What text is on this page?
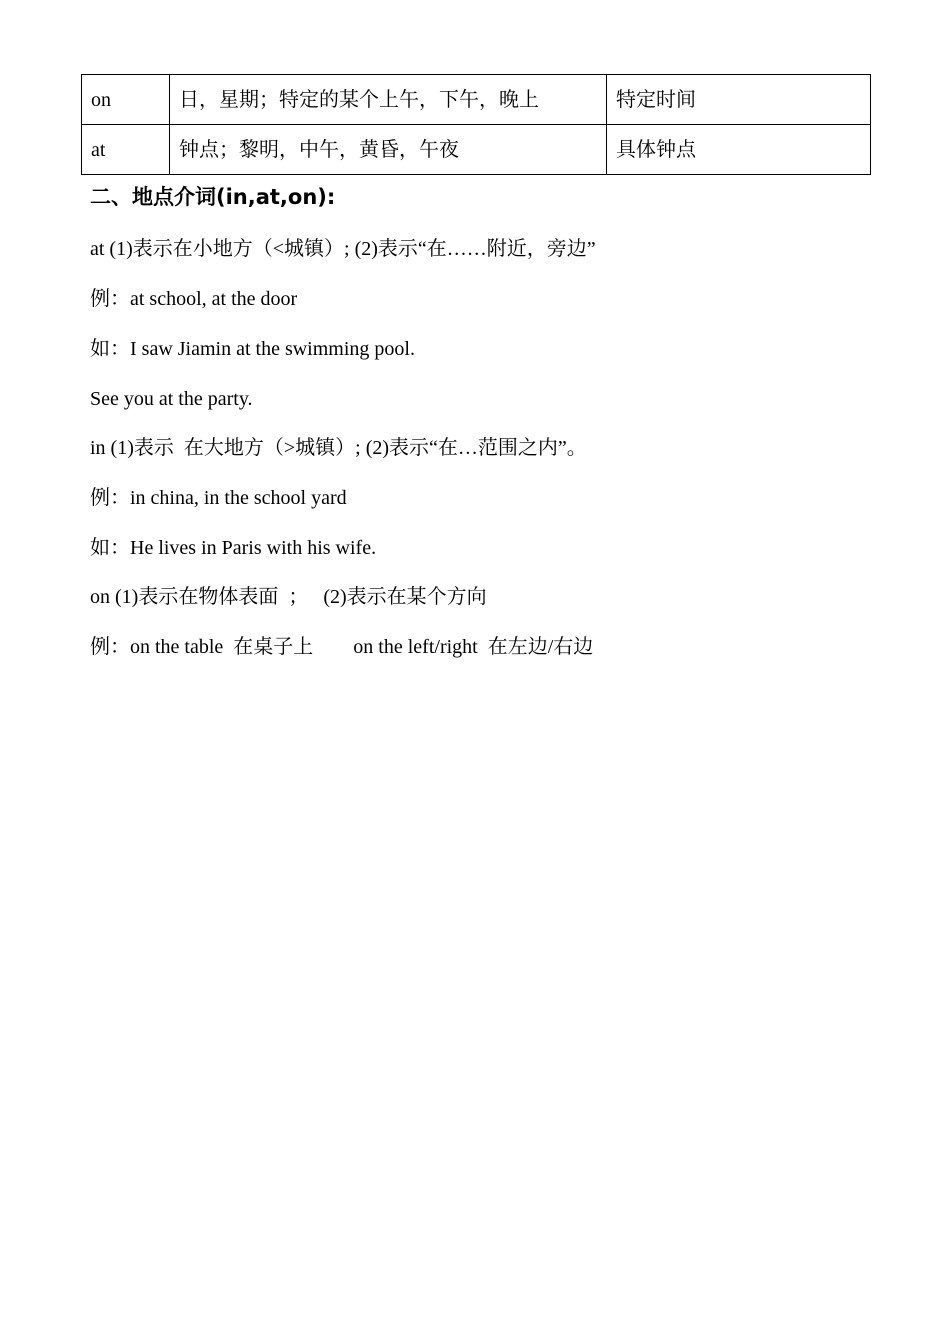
on	日，星期；特定的某个上午，下午，晚上	特定时间
at	钟点；黎明，中午，黄昏，午夜	具体钟点
二、地点介词(in,at,on):
at (1)表示在小地方（<城镇）; (2)表示“在……附近，旁边”
例：at school, at the door
如：I saw Jiamin at the swimming pool.
See you at the party.
in (1)表示  在大地方（>城镇）; (2)表示“在…范围之内”。
例：in china, in the school yard
如：He lives in Paris with his wife.
on (1)表示在物体表面  ；   (2)表示在某个方向
例：on the table  在桌子上        on the left/right  在左边/右边
